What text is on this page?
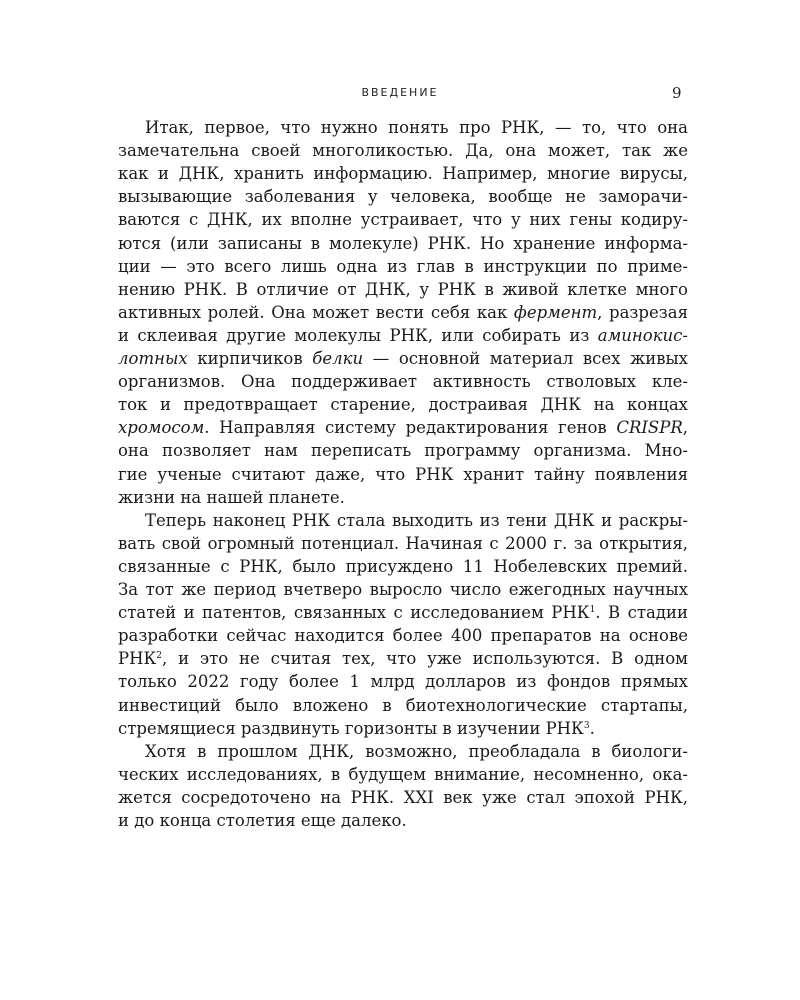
ВВЕДЕНИЕ	9
Итак, первое, что нужно понять про РНК, — то, что она
замечательна своей многоликостью. Да, она может, так же
как и ДНК, хранить информацию. Например, многие вирусы,
вызывающие заболевания у человека, вообще не заморачи-
ваются с ДНК, их вполне устраивает, что у них гены кодиру-
ются (или записаны в молекуле) РНК. Но хранение информа-
ции — это всего лишь одна из глав в инструкции по приме-
нению РНК. В отличие от ДНК, у РНК в живой клетке много
активных ролей. Она может вести себя как фермент, разрезая
и склеивая другие молекулы РНК, или собирать из аминокис-
лотных кирпичиков белки — основной материал всех живых
организмов. Она поддерживает активность стволовых кле-
ток и предотвращает старение, достраивая ДНК на концах
хромосом. Направляя систему редактирования генов CRISPR,
она позволяет нам переписать программу организма. Мно-
гие ученые считают даже, что РНК хранит тайну появления
жизни на нашей планете.
Теперь наконец РНК стала выходить из тени ДНК и раскры-
вать свой огромный потенциал. Начиная с 2000 г. за открытия,
связанные с РНК, было присуждено 11 Нобелевских премий.
За тот же период вчетверо выросло число ежегодных научных
статей и патентов, связанных с исследованием РНК$^1$. В стадии
разработки сейчас находится более 400 препаратов на основе
РНК$^2$, и это не считая тех, что уже используются. В одном
только 2022 году более 1 млрд долларов из фондов прямых
инвестиций было вложено в биотехнологические стартапы,
стремящиеся раздвинуть горизонты в изучении РНК$^3$.
Хотя в прошлом ДНК, возможно, преобладала в биологи-
ческих исследованиях, в будущем внимание, несомненно, ока-
жется сосредоточено на РНК. XXI век уже стал эпохой РНК,
и до конца столетия еще далеко.
